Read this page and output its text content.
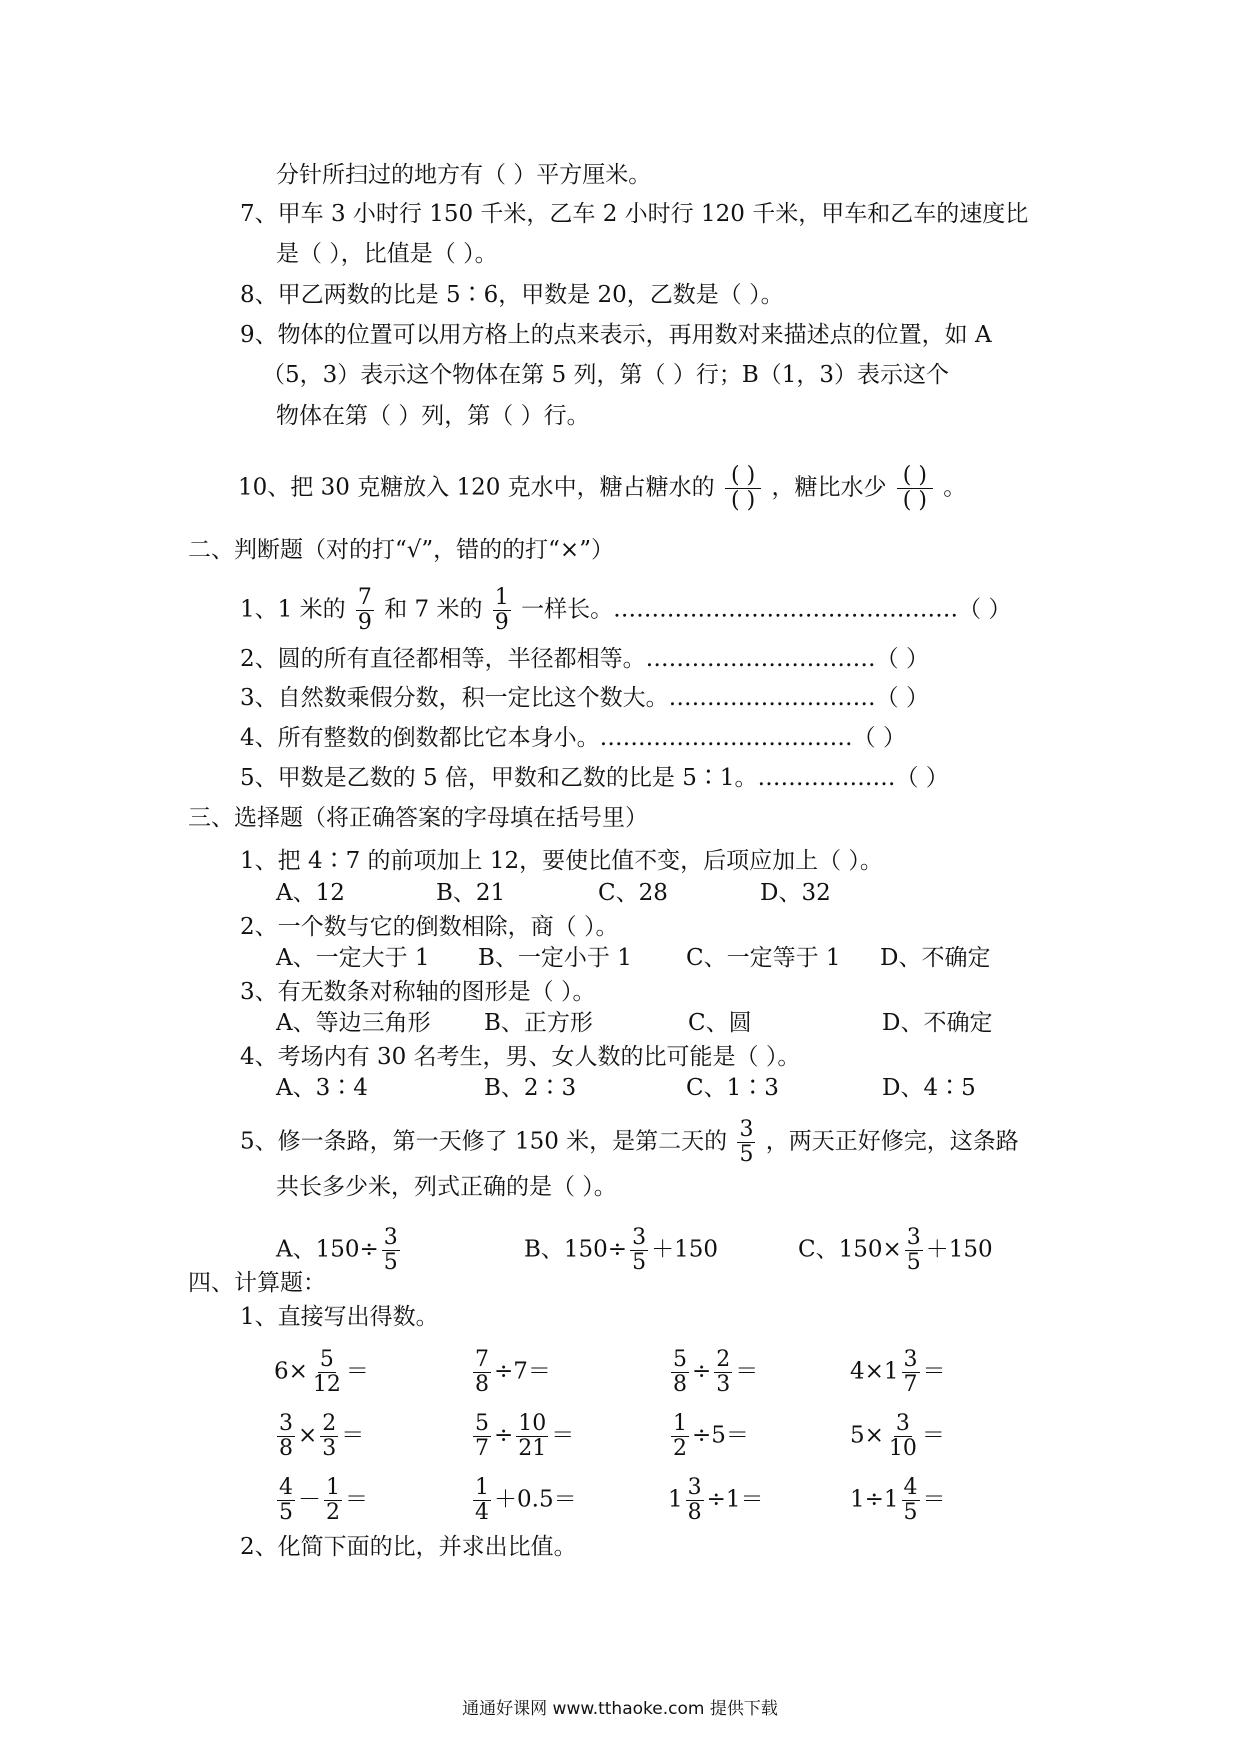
分针所扫过的地方有（ ）平方厘米。
7、甲车 3 小时行 150 千米，乙车 2 小时行 120 千米，甲车和乙车的速度比
是（ ），比值是（ ）。
8、甲乙两数的比是 5∶6，甲数是 20，乙数是（ ）。
9、物体的位置可以用方格上的点来表示，再用数对来描述点的位置，如 A
（5，3）表示这个物体在第 5 列，第（ ）行；B（1，3）表示这个
物体在第（ ）列，第（ ）行。
10、把 30 克糖放入 120 克水中，糖占糖水的 ( )
( ) ，糖比水少 ( )
( ) 。
二、判断题（对的打“√”，错的的打“×”）
1、1 米的 $\frac{7}{9}$ 和 7 米的 $\frac{1}{9}$ 一样长。………………………………………（ ）
2、圆的所有直径都相等，半径都相等。…………………………（ ）
3、自然数乘假分数，积一定比这个数大。………………………（ ）
4、所有整数的倒数都比它本身小。……………………………（ ）
5、甲数是乙数的 5 倍，甲数和乙数的比是 5∶1。………………（ ）
三、选择题（将正确答案的字母填在括号里）
1、把 4∶7 的前项加上 12，要使比值不变，后项应加上（ ）。
A、12	B、21	C、28	D、32
2、一个数与它的倒数相除，商（ ）。
A、一定大于 1 B、一定小于 1 C、一定等于 1 D、不确定
3、有无数条对称轴的图形是（ ）。
A、等边三角形 B、正方形	C、圆	D、不确定
4、考场内有 30 名考生，男、女人数的比可能是（ ）。
A、3∶4	B、2∶3	C、1∶3	D、4∶5
5、修一条路，第一天修了 150 米，是第二天的 $\frac{3}{5}$ ，两天正好修完，这条路
共长多少米，列式正确的是（ ）。
A、$150\div \frac{3}{5}$	B、$150\div \frac{3}{5} +150$	C、$150\times \frac{3}{5} +150$
四、计算题：
1、直接写出得数。
$6\times \frac{5}{12}$ ＝	$\frac{7}{8} \div 7=$	$\frac{5}{8} \div \frac{2}{3}$ ＝	$4\times 1 \frac{3}{7}$ ＝
$\frac{3}{8} \times \frac{2}{3}$ ＝	$\frac{5}{7} \div \frac{10}{21}$ ＝	$\frac{1}{2} \div 5=$	$5\times \frac{3}{10}$ ＝
$\frac{4}{5} - \frac{1}{2}$ ＝	$\frac{1}{4} +0.5=$	$1 \frac{3}{8} \div 1=$	$1\div 1 \frac{4}{5}$ ＝
2、化简下面的比，并求出比值。
通通好课网 www.tthaoke.com 提供下载
